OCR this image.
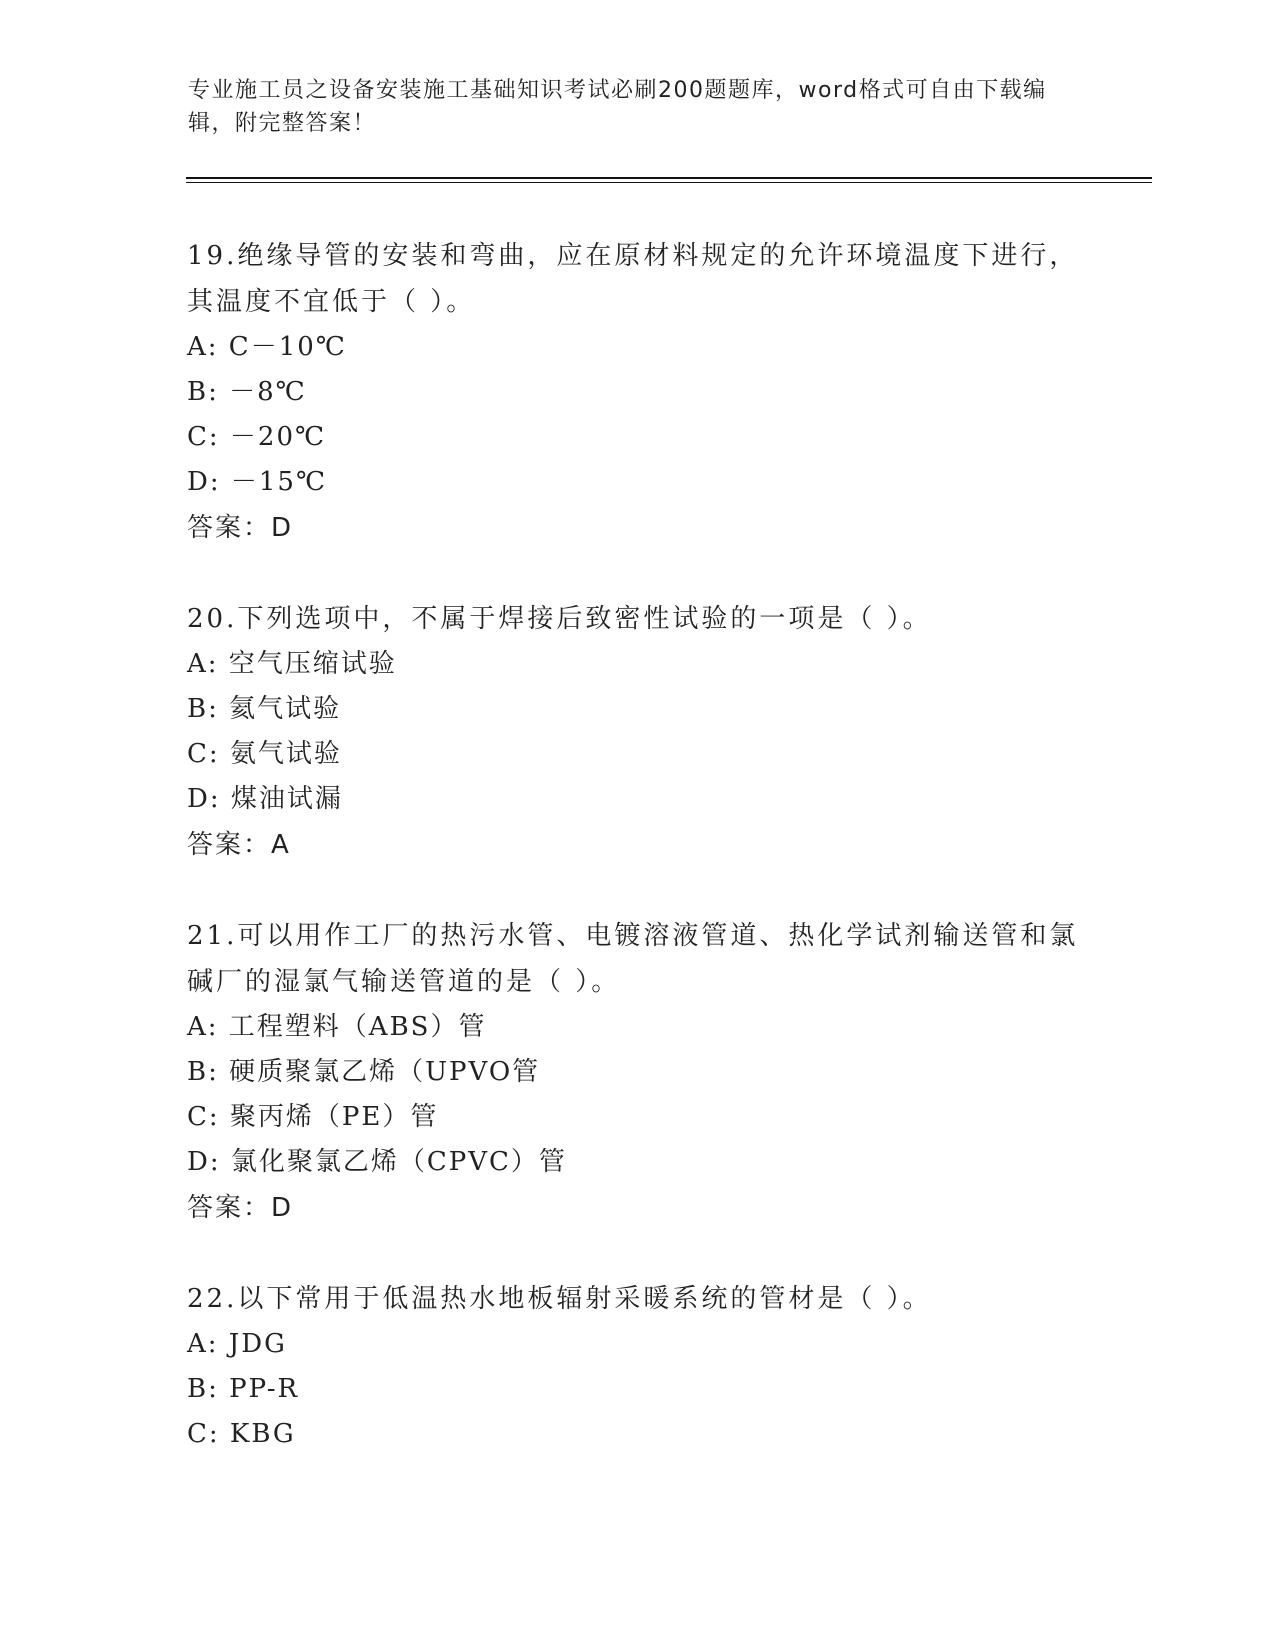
专业施工员之设备安装施工基础知识考试必刷200题题库，word格式可自由下载编辑，附完整答案！

19.绝缘导管的安装和弯曲，应在原材料规定的允许环境温度下进行，其温度不宜低于（ ）。

A: C－10℃

B: －8℃

C: －20℃

D: －15℃

答案：D

20.下列选项中，不属于焊接后致密性试验的一项是（ ）。

A: 空气压缩试验

B: 氦气试验

C: 氨气试验

D: 煤油试漏

答案：A

21.可以用作工厂的热污水管、电镀溶液管道、热化学试剂输送管和氯碱厂的湿氯气输送管道的是（ ）。

A: 工程塑料（ABS）管

B: 硬质聚氯乙烯（UPVO管

C: 聚丙烯（PE）管

D: 氯化聚氯乙烯（CPVC）管

答案：D

22.以下常用于低温热水地板辐射采暖系统的管材是（ ）。

A: JDG

B: PP-R

C: KBG
